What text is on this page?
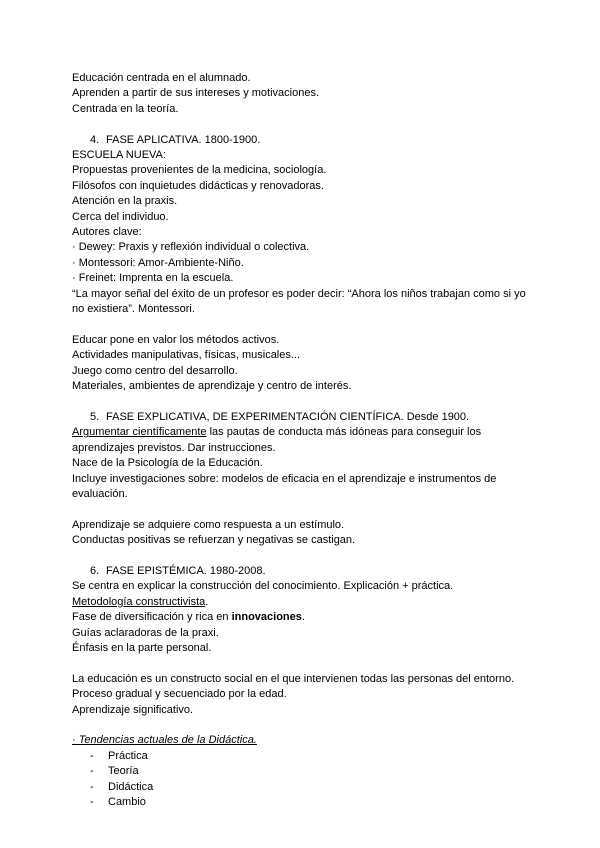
Educación centrada en el alumnado.
Aprenden a partir de sus intereses y motivaciones.
Centrada en la teoría.
4. FASE APLICATIVA. 1800-1900.
ESCUELA NUEVA:
Propuestas provenientes de la medicina, sociología.
Filósofos con inquietudes didácticas y renovadoras.
Atención en la praxis.
Cerca del individuo.
Autores clave:
· Dewey: Praxis y reflexión individual o colectiva.
· Montessori: Amor-Ambiente-Niño.
· Freinet: Imprenta en la escuela.
“La mayor señal del éxito de un profesor es poder decir: “Ahora los niños trabajan como si yo no existiera”. Montessori.
Educar pone en valor los métodos activos.
Actividades manipulativas, físicas, musicales...
Juego como centro del desarrollo.
Materiales, ambientes de aprendizaje y centro de interés.
5. FASE EXPLICATIVA, DE EXPERIMENTACIÓN CIENTÍFICA. Desde 1900.
Argumentar científicamente las pautas de conducta más idóneas para conseguir los aprendizajes previstos. Dar instrucciones.
Nace de la Psicología de la Educación.
Incluye investigaciones sobre: modelos de eficacia en el aprendizaje e instrumentos de evaluación.
Aprendizaje se adquiere como respuesta a un estímulo.
Conductas positivas se refuerzan y negativas se castigan.
6. FASE EPISTÉMICA. 1980-2008.
Se centra en explicar la construcción del conocimiento. Explicación + práctica.
Metodología constructivista.
Fase de diversificación y rica en innovaciones.
Guías aclaradoras de la praxi.
Énfasis en la parte personal.
La educación es un constructo social en el que intervienen todas las personas del entorno.
Proceso gradual y secuenciado por la edad.
Aprendizaje significativo.
· Tendencias actuales de la Didáctica.
- Práctica
- Teoría
- Didáctica
- Cambio
